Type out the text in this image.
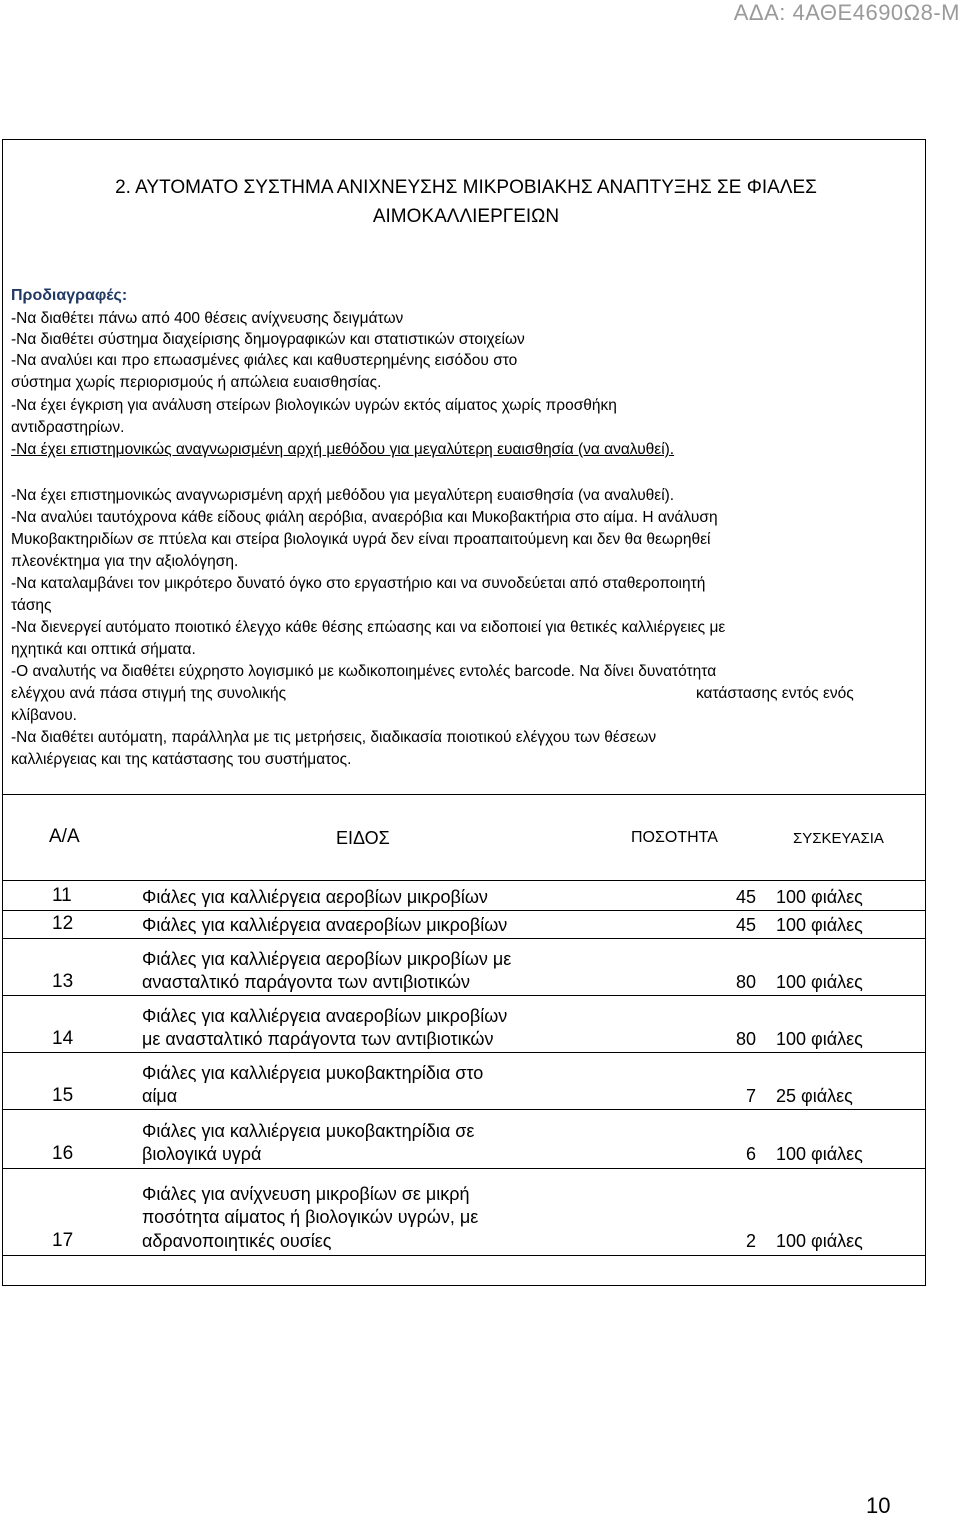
ΑΔΑ: 4ΑΘΕ4690Ω8-Μ
2. ΑΥΤΟΜΑΤΟ ΣΥΣΤΗΜΑ ΑΝΙΧΝΕΥΣΗΣ ΜΙΚΡΟΒΙΑΚΗΣ ΑΝΑΠΤΥΞΗΣ ΣΕ ΦΙΑΛΕΣ
ΑΙΜΟΚΑΛΛΙΕΡΓΕΙΩΝ
Προδιαγραφές:
-Να διαθέτει πάνω από 400 θέσεις ανίχνευσης δειγμάτων
-Να διαθέτει σύστημα διαχείρισης δημογραφικών και στατιστικών στοιχείων
-Να αναλύει και προ επωασμένες φιάλες και καθυστερημένης εισόδου στο
σύστημα χωρίς περιορισμούς ή απώλεια ευαισθησίας.
-Να έχει έγκριση για ανάλυση στείρων βιολογικών υγρών εκτός αίματος χωρίς προσθήκη
αντιδραστηρίων.
-Να έχει επιστημονικώς αναγνωρισμένη αρχή μεθόδου για μεγαλύτερη ευαισθησία (να αναλυθεί).
-Να έχει επιστημονικώς αναγνωρισμένη αρχή μεθόδου για μεγαλύτερη ευαισθησία (να αναλυθεί).
-Να αναλύει ταυτόχρονα κάθε είδους φιάλη αερόβια, αναερόβια και Μυκοβακτήρια στο αίμα. Η ανάλυση
Μυκοβακτηριδίων σε πτύελα και στείρα βιολογικά υγρά δεν είναι προαπαιτούμενη και δεν θα θεωρηθεί
πλεονέκτημα για την αξιολόγηση.
-Να καταλαμβάνει τον μικρότερο δυνατό όγκο στο εργαστήριο και να συνοδεύεται από σταθεροποιητή
τάσης
-Να διενεργεί αυτόματο ποιοτικό έλεγχο κάθε θέσης επώασης και να ειδοποιεί για θετικές καλλιέργειες με
ηχητικά και οπτικά σήματα.
-Ο αναλυτής να διαθέτει εύχρηστο λογισμικό με κωδικοποιημένες εντολές barcode. Να δίνει δυνατότητα
ελέγχου ανά πάσα στιγμή της συνολικής	κατάστασης εντός ενός
κλίβανου.
-Να διαθέτει αυτόματη, παράλληλα με τις μετρήσεις, διαδικασία ποιοτικού ελέγχου των θέσεων
καλλιέργειας και της κατάστασης του συστήματος.
Α/Α	ΕΙΔΟΣ	ΠΟΣΟΤΗΤΑ	ΣΥΣΚΕΥΑΣΙΑ
11	Φιάλες για καλλιέργεια αεροβίων μικροβίων	45 100 φιάλες
12	Φιάλες για καλλιέργεια αναεροβίων μικροβίων	45 100 φιάλες
13
Φιάλες για καλλιέργεια αεροβίων μικροβίων με
ανασταλτικό παράγοντα των αντιβιοτικών	80 100 φιάλες
14
Φιάλες για καλλιέργεια αναεροβίων μικροβίων
με ανασταλτικό παράγοντα των αντιβιοτικών	80 100 φιάλες
15
Φιάλες για καλλιέργεια μυκοβακτηρίδια στο
αίμα	7 25 φιάλες
16
Φιάλες για καλλιέργεια μυκοβακτηρίδια σε
βιολογικά υγρά	6 100 φιάλες
17
Φιάλες για ανίχνευση μικροβίων σε μικρή
ποσότητα αίματος ή βιολογικών υγρών, με
αδρανοποιητικές ουσίες	2 100 φιάλες
10
